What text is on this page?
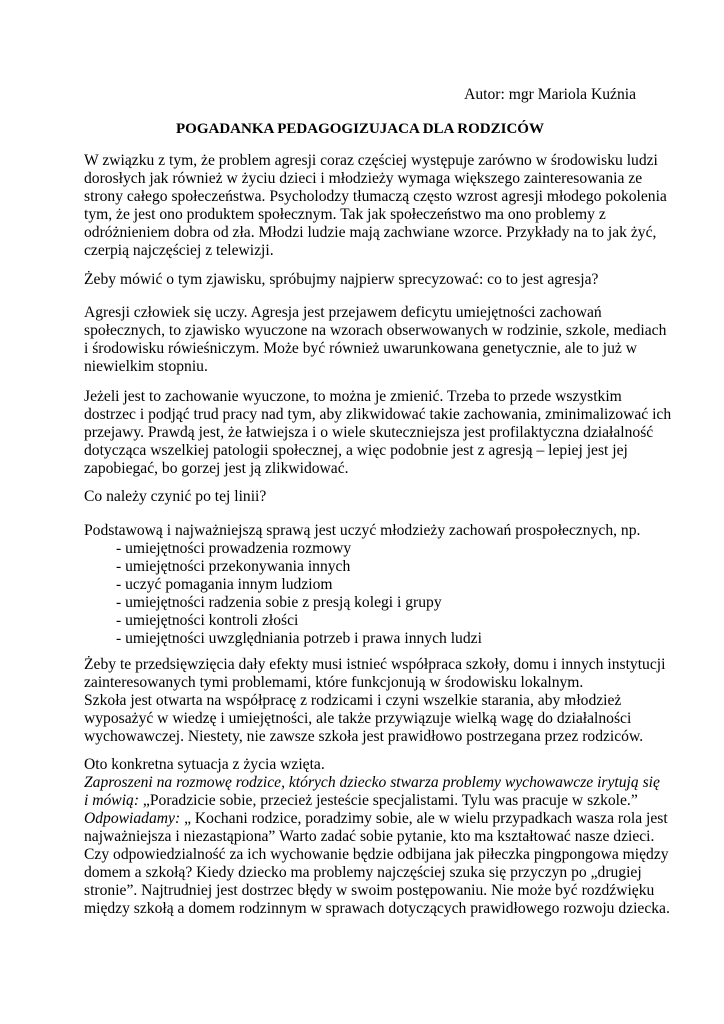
Autor: mgr Mariola Kuźnia
POGADANKA PEDAGOGIZUJACA DLA RODZICÓW
W związku z tym, że problem agresji coraz częściej występuje zarówno w środowisku ludzi
dorosłych jak również w życiu dzieci i młodzieży wymaga większego zainteresowania ze
strony całego społeczeństwa. Psycholodzy tłumaczą często wzrost agresji młodego pokolenia
tym, że jest ono produktem społecznym. Tak jak społeczeństwo ma ono problemy z
odróżnieniem dobra od zła. Młodzi ludzie mają zachwiane wzorce. Przykłady na to jak żyć,
czerpią najczęściej z telewizji.
Żeby mówić o tym zjawisku, spróbujmy najpierw sprecyzować: co to jest agresja?
Agresji człowiek się uczy. Agresja jest przejawem deficytu umiejętności zachowań
społecznych, to zjawisko wyuczone na wzorach obserwowanych w rodzinie, szkole, mediach
i środowisku rówieśniczym. Może być również uwarunkowana genetycznie, ale to już w
niewielkim stopniu.
Jeżeli jest to zachowanie wyuczone, to można je zmienić. Trzeba to przede wszystkim
dostrzec i podjąć trud pracy nad tym, aby zlikwidować takie zachowania, zminimalizować ich
przejawy. Prawdą jest, że łatwiejsza i o wiele skuteczniejsza jest profilaktyczna działalność
dotycząca wszelkiej patologii społecznej, a więc podobnie jest z agresją – lepiej jest jej
zapobiegać, bo gorzej jest ją zlikwidować.
Co należy czynić po tej linii?
Podstawową i najważniejszą sprawą jest uczyć młodzieży zachowań prospołecznych, np.
- umiejętności prowadzenia rozmowy
- umiejętności przekonywania innych
- uczyć pomagania innym ludziom
- umiejętności radzenia sobie z presją kolegi i grupy
- umiejętności kontroli złości
- umiejętności uwzględniania potrzeb i prawa innych ludzi
Żeby te przedsięwzięcia dały efekty musi istnieć współpraca szkoły, domu i innych instytucji
zainteresowanych tymi problemami, które funkcjonują w środowisku lokalnym.
Szkoła jest otwarta na współpracę z rodzicami i czyni wszelkie starania, aby młodzież
wyposażyć w wiedzę i umiejętności, ale także przywiązuje wielką wagę do działalności
wychowawczej. Niestety, nie zawsze szkoła jest prawidłowo postrzegana przez rodziców.
Oto konkretna sytuacja z życia wzięta.
Zaproszeni na rozmowę rodzice, których dziecko stwarza problemy wychowawcze irytują się
i mówią: „Poradzicie sobie, przecież jesteście specjalistami. Tylu was pracuje w szkole.”
Odpowiadamy: „ Kochani rodzice, poradzimy sobie, ale w wielu przypadkach wasza rola jest
najważniejsza i niezastąpiona” Warto zadać sobie pytanie, kto ma kształtować nasze dzieci.
Czy odpowiedzialność za ich wychowanie będzie odbijana jak piłeczka pingpongowa między
domem a szkołą? Kiedy dziecko ma problemy najczęściej szuka się przyczyn po „drugiej
stronie”. Najtrudniej jest dostrzec błędy w swoim postępowaniu. Nie może być rozdźwięku
między szkołą a domem rodzinnym w sprawach dotyczących prawidłowego rozwoju dziecka.
